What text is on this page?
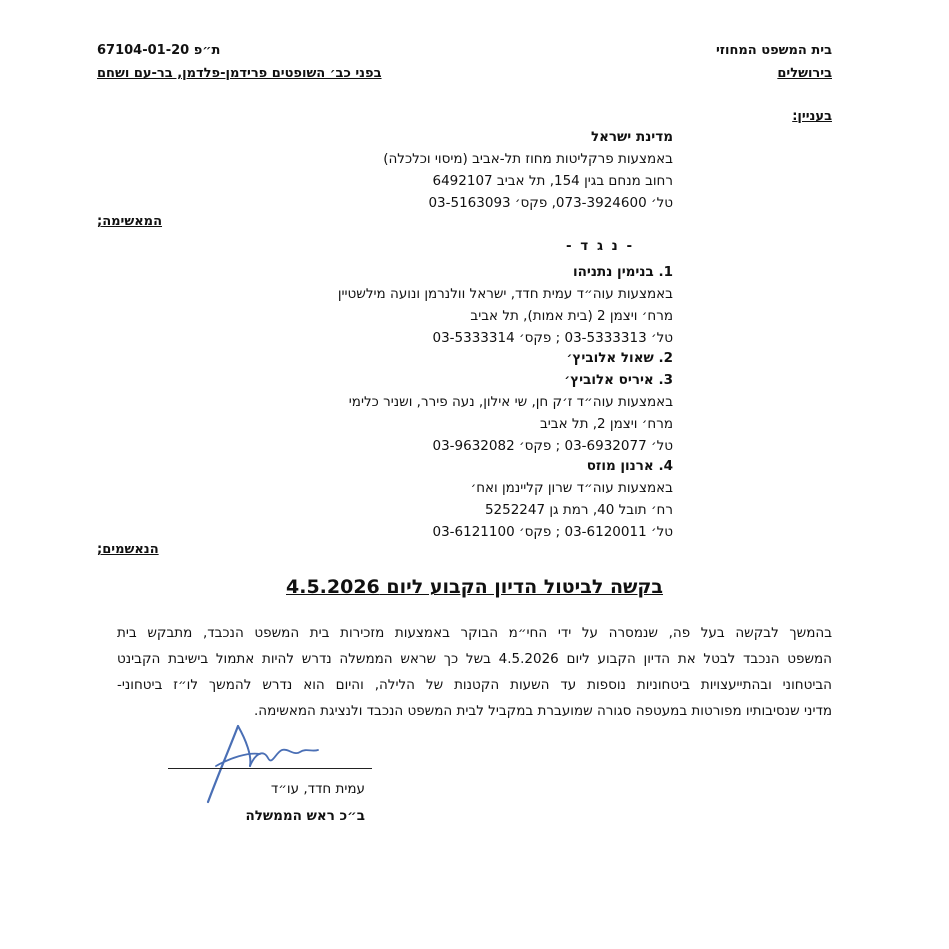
בית המשפט המחוזי
בירושלים
ת״פ 67104-01-20
בפני כב׳ השופטים פרידמן-פלדמן, בר-עם ושחם
בעניין:
מדינת ישראל
באמצעות פרקליטות מחוז תל-אביב (מיסוי וכלכלה)
רחוב מנחם בגין 154, תל אביב 6492107
טל׳ 073-3924600, פקס׳ 03-5163093
המאשימה;
- נ ג ד -
1. בנימין נתניהו
באמצעות עוה״ד עמית חדד, ישראל וולנרמן ונועה מילשטיין
מרח׳ ויצמן 2 (בית אמות), תל אביב
טל׳ 03-5333313 ; פקס׳ 03-5333314
2. שאול אלוביץ׳
3. איריס אלוביץ׳
באמצעות עוה״ד ז׳ק חן, שי אילון, נעה פירר, ושניר כלימי
מרח׳ ויצמן 2, תל אביב
טל׳ 03-6932077 ; פקס׳ 03-9632082
4. ארנון מוזס
באמצעות עוה״ד שרון קליינמן ואח׳
רח׳ תובל 40, רמת גן 5252247
טל׳ 03-6120011 ; פקס׳ 03-6121100
הנאשמים;
בקשה לביטול הדיון הקבוע ליום 4.5.2026
בהמשך לבקשה בעל פה, שנמסרה על ידי החי״מ הבוקר באמצעות מזכירות בית המשפט הנכבד, מתבקש בית
המשפט הנכבד לבטל את הדיון הקבוע ליום 4.5.2026 בשל כך שראש הממשלה נדרש להיות אתמול בישיבת הקבינט
הביטחוני ובהתייעצויות ביטחוניות נוספות עד השעות הקטנות של הלילה, והיום הוא נדרש להמשך לו״ז ביטחוני-
מדיני שנסיבותיו מפורטות במעטפה סגורה שמועברת במקביל לבית המשפט הנכבד ולנציגת המאשימה.
עמית חדד, עו״ד
ב״כ ראש הממשלה
